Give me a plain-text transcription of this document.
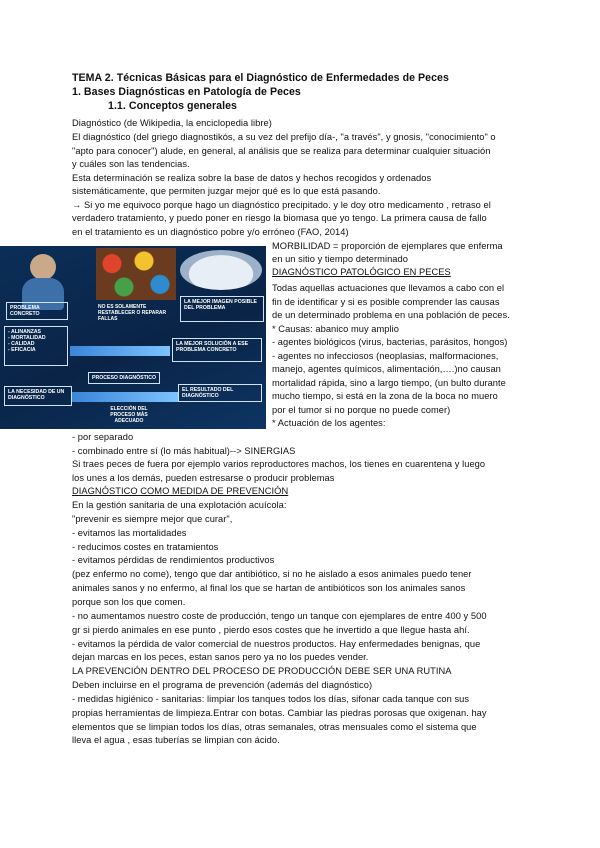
TEMA 2. Técnicas Básicas para el Diagnóstico de Enfermedades de Peces
1. Bases Diagnósticas en Patología de Peces
1.1. Conceptos generales
Diagnóstico (de Wikipedia, la enciclopedia libre)
El diagnóstico (del griego diagnostikós, a su vez del prefijo día-, "a través", y gnosis, "conocimiento" o
"apto para conocer") alude, en general, al análisis que se realiza para determinar cualquier situación
y cuáles son las tendencias.
Esta determinación se realiza sobre la base de datos y hechos recogidos y ordenados
sistemáticamente, que permiten juzgar mejor qué es lo que está pasando.
→ Si yo me equivoco porque hago un diagnóstico precipitado. y le doy otro medicamento , retraso el
verdadero tratamiento, y puedo poner en riesgo la biomasa que yo tengo. La primera causa de fallo
en el tratamiento es un diagnóstico pobre y/o erróneo (FAO, 2014)
PROBLEMA CONCRETO
NO ES SOLAMENTE RESTABLECER O REPARAR FALLAS
LA MEJOR IMAGEN POSIBLE DEL PROBLEMA
- ALINANZAS
- MORTALIDAD
- CALIDAD
- EFICACIA
LA MEJOR SOLUCIÓN A ESE PROBLEMA CONCRETO
PROCESO DIAGNÓSTICO
LA NECESIDAD DE UN DIAGNÓSTICO
EL RESULTADO DEL DIAGNÓSTICO
ELECCIÓN DEL PROCESO MÁS ADECUADO
MORBILIDAD = proporción de ejemplares que enferma
en un sitio y tiempo determinado
DIAGNÓSTICO PATOLÓGICO EN PECES
Todas aquellas actuaciones que llevamos a cabo con el
fin de identificar y si es posible comprender las causas
de un determinado problema en una población de peces.
* Causas: abanico muy amplio
- agentes biológicos (virus, bacterias, parásitos, hongos)
- agentes no infecciosos (neoplasias, malformaciones,
manejo, agentes químicos, alimentación,….)no causan
mortalidad rápida, sino a largo tiempo, (un bulto durante
mucho tiempo, si está en la zona de la boca no muero
por el tumor si no porque no puede comer)
* Actuación de los agentes:
- por separado
- combinado entre sí (lo más habitual)--> SINERGIAS
Si traes peces de fuera por ejemplo varios reproductores machos, los tienes en cuarentena y luego
los unes a los demás, pueden estresarse o producir problemas
DIAGNÓSTICO COMO MEDIDA DE PREVENCIÓN
En la gestión sanitaria de una explotación acuícola:
"prevenir es siempre mejor que curar",
- evitamos las mortalidades
- reducimos costes en tratamientos
- evitamos pérdidas de rendimientos productivos
(pez enfermo no come), tengo que dar antibiótico, si no he aislado a esos animales puedo tener
animales sanos y no enfermo, al final los que se hartan de antibióticos son los animales sanos
porque son los que comen.
- no aumentamos nuestro coste de producción, tengo un tanque con ejemplares de entre 400 y 500
gr si pierdo animales en ese punto , pierdo esos costes que he invertido a que llegue hasta ahí.
- evitamos la pérdida de valor comercial de nuestros productos. Hay enfermedades benignas, que
dejan marcas en los peces, estan sanos pero ya no los puedes vender.
LA PREVENCIÓN DENTRO DEL PROCESO DE PRODUCCIÓN DEBE SER UNA RUTINA
Deben incluirse en el programa de prevención (además del diagnóstico)
- medidas higiénico - sanitarias: limpiar los tanques todos los días, sifonar cada tanque con sus
propias herramientas de limpieza.Entrar con botas. Cambiar las piedras porosas que oxigenan. hay
elementos que se limpian todos los días, otras semanales, otras mensuales como el sistema que
lleva el agua , esas tuberías se limpian con ácido.
